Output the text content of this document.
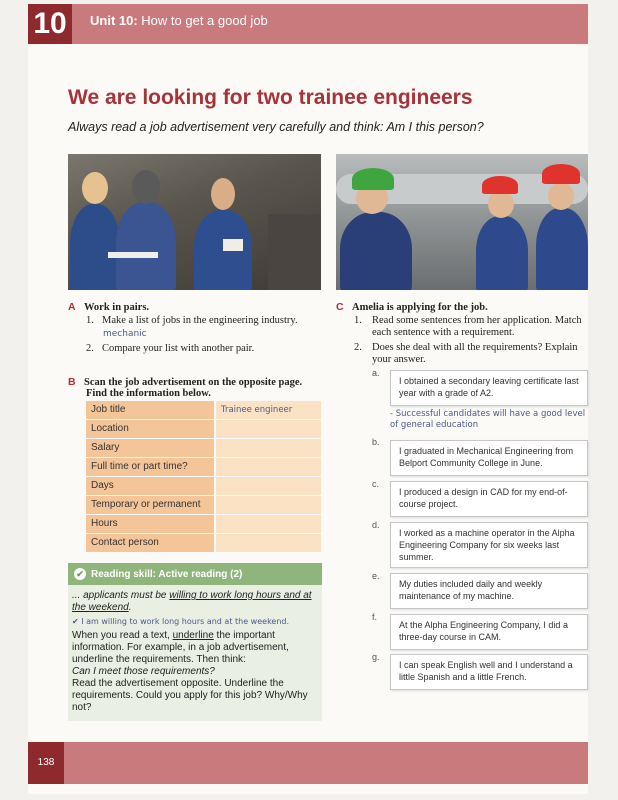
10	Unit 10: How to get a good job
We are looking for two trainee engineers
Always read a job advertisement very carefully and think: Am I this person?
A Work in pairs.
1. Make a list of jobs in the engineering industry.
mechanic
2. Compare your list with another pair.
B Scan the job advertisement on the opposite page.
Find the information below.
Job title	Trainee engineer
Location
Salary
Full time or part time?
Days
Temporary or permanent
Hours
Contact person
✔ Reading skill: Active reading (2)
... applicants must be willing to work long hours and at the weekend.
✔ I am willing to work long hours and at the weekend.
When you read a text, underline the important information. For example, in a job advertisement, underline the requirements. Then think:
Can I meet those requirements?
Read the advertisement opposite. Underline the requirements. Could you apply for this job? Why/Why not?
C Amelia is applying for the job.
1. Read some sentences from her application. Match each sentence with a requirement.
2. Does she deal with all the requirements? Explain your answer.
a.
I obtained a secondary leaving certificate last year with a grade of A2.
- Successful candidates will have a good level of general education
b.
I graduated in Mechanical Engineering from Belport Community College in June.
c.
I produced a design in CAD for my end-of-course project.
d.
I worked as a machine operator in the Alpha Engineering Company for six weeks last summer.
e.
My duties included daily and weekly maintenance of my machine.
f.
At the Alpha Engineering Company, I did a three-day course in CAM.
g.
I can speak English well and I understand a little Spanish and a little French.
138
